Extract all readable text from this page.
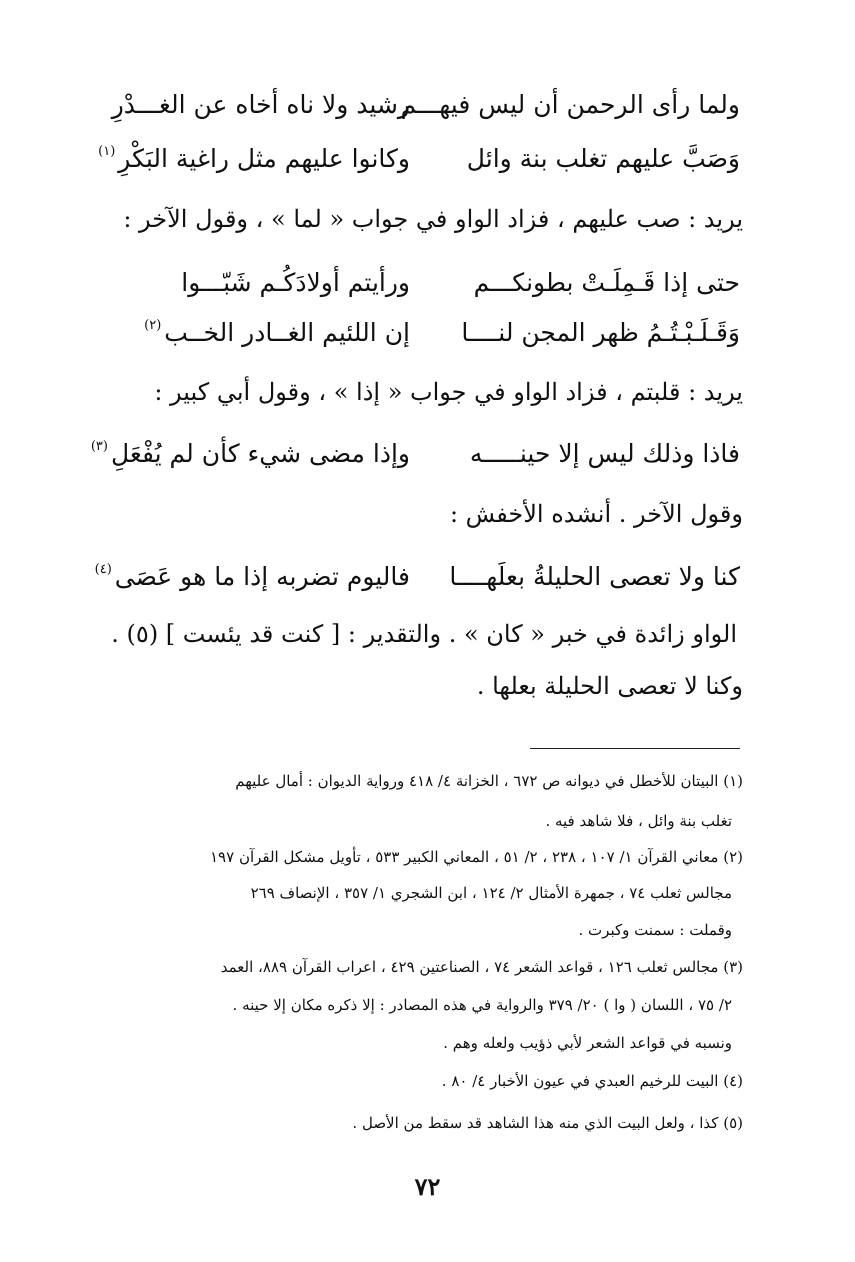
ولما رأى الرحمن أن ليس فيهـــم
رشيد ولا ناه أخاه عن الغـــدْرِ
وَصَبَّ عليهم تغلب بنة وائل
وكانوا عليهم مثل راغية البَكْرِ$^{(١)}$
يريد : صب عليهم ، فزاد الواو في جواب « لما » ، وقول الآخر :
حتى إذا قَـمِلَـتْ بطونكـــم
ورأيتم أولادَكُـم شَبّـــوا
وَقَـلَـبْـتُـمُ ظهر المجن لنــــا
إن اللئيم الغــادر الخــب$^{(٢)}$
يريد : قلبتم ، فزاد الواو في جواب « إذا » ، وقول أبي كبير :
فاذا وذلك ليس إلا حينـــــه
وإذا مضى شيء كأن لم يُفْعَلِ$^{(٣)}$
وقول الآخر . أنشده الأخفش :
كنا ولا تعصى الحليلةُ بعلَهــــا
فاليوم تضربه إذا ما هو عَصَى$^{(٤)}$
الواو زائدة في خبر « كان » . والتقدير : [ كنت قد يئست ] (٥) .
وكنا لا تعصى الحليلة بعلها .
(١) البيتان للأخطل في ديوانه ص ٦٧٢ ، الخزانة ٤/ ٤١٨ ورواية الديوان : أمال عليهم
تغلب بنة وائل ، فلا شاهد فيه .
(٢) معاني القرآن ١/ ١٠٧ ، ٢٣٨ ، ٢/ ٥١ ، المعاني الكبير ٥٣٣ ، تأويل مشكل القرآن ١٩٧
مجالس ثعلب ٧٤ ، جمهرة الأمثال ٢/ ١٢٤ ، ابن الشجري ١/ ٣٥٧ ، الإنصاف ٢٦٩
وقملت : سمنت وكبرت .
(٣) مجالس ثعلب ١٢٦ ، قواعد الشعر ٧٤ ، الصناعتين ٤٢٩ ، اعراب القرآن ٨٨٩، العمد
٢/ ٧٥ ، اللسان ( وا ) ٢٠/ ٣٧٩ والرواية في هذه المصادر : إلا ذكره مكان إلا حينه .
ونسبه في قواعد الشعر لأبي ذؤيب ولعله وهم .
(٤) البيت للرخيم العبدي في عيون الأخبار ٤/ ٨٠ .
(٥) كذا ، ولعل البيت الذي منه هذا الشاهد قد سقط من الأصل .
٧٢
